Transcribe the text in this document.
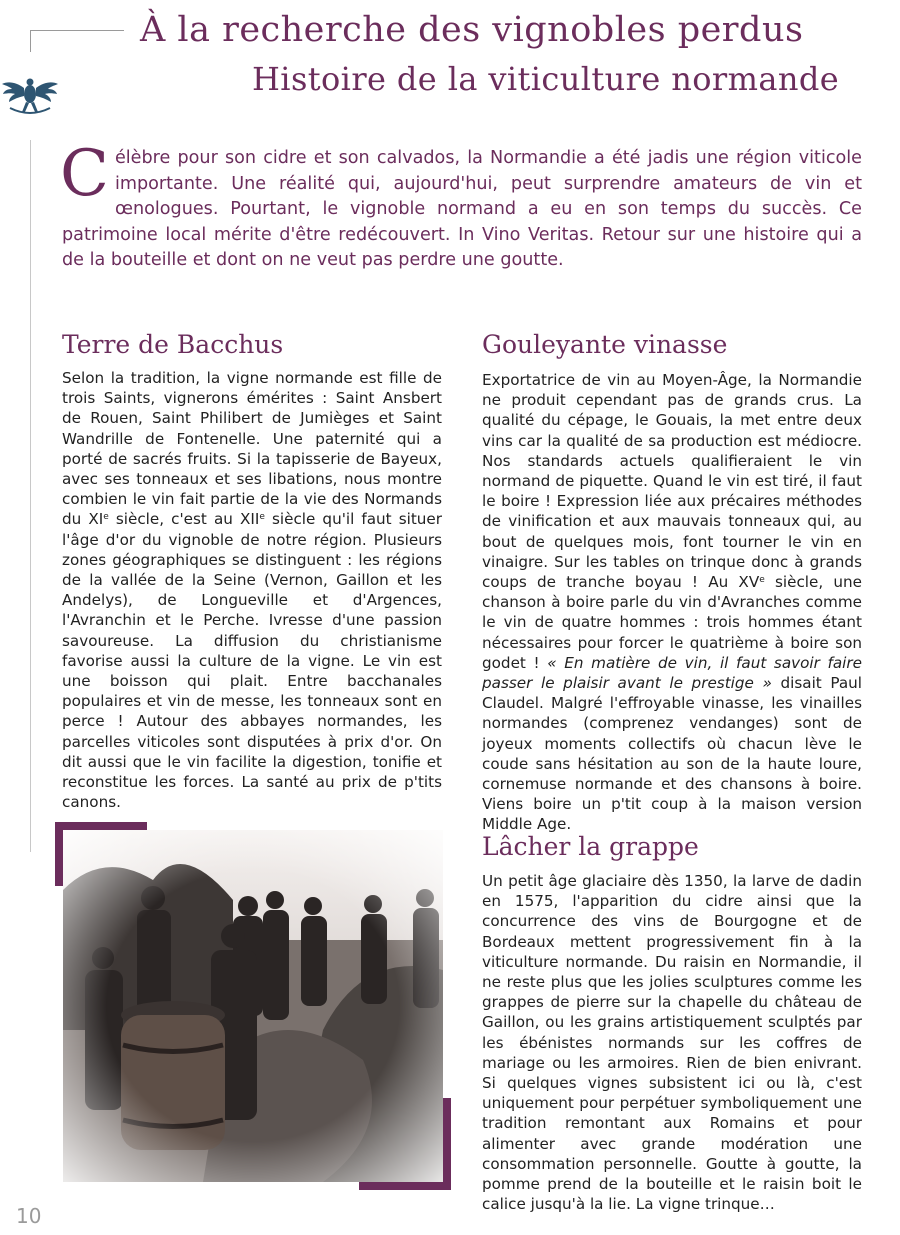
À la recherche des vignobles perdus
Histoire de la viticulture normande

Célèbre pour son cidre et son calvados, la Normandie a été jadis une région viticole importante. Une réalité qui, aujourd'hui, peut surprendre amateurs de vin et œnologues. Pourtant, le vignoble normand a eu en son temps du succès. Ce patrimoine local mérite d'être redécouvert. In Vino Veritas. Retour sur une histoire qui a de la bouteille et dont on ne veut pas perdre une goutte.

Terre de Bacchus

Selon la tradition, la vigne normande est fille de trois Saints, vignerons émérites : Saint Ansbert de Rouen, Saint Philibert de Jumièges et Saint Wandrille de Fontenelle. Une paternité qui a porté de sacrés fruits. Si la tapisserie de Bayeux, avec ses tonneaux et ses libations, nous montre combien le vin fait partie de la vie des Normands du XIe siècle, c'est au XIIe siècle qu'il faut situer l'âge d'or du vignoble de notre région. Plusieurs zones géographiques se distinguent : les régions de la vallée de la Seine (Vernon, Gaillon et les Andelys), de Longueville et d'Argences, l'Avranchin et le Perche. Ivresse d'une passion savoureuse. La diffusion du christianisme favorise aussi la culture de la vigne. Le vin est une boisson qui plait. Entre bacchanales populaires et vin de messe, les tonneaux sont en perce ! Autour des abbayes normandes, les parcelles viticoles sont disputées à prix d'or. On dit aussi que le vin facilite la digestion, tonifie et reconstitue les forces. La santé au prix de p'tits canons.

Gouleyante vinasse

Exportatrice de vin au Moyen-Âge, la Normandie ne produit cependant pas de grands crus. La qualité du cépage, le Gouais, la met entre deux vins car la qualité de sa production est médiocre. Nos standards actuels qualifieraient le vin normand de piquette. Quand le vin est tiré, il faut le boire ! Expression liée aux précaires méthodes de vinification et aux mauvais tonneaux qui, au bout de quelques mois, font tourner le vin en vinaigre. Sur les tables on trinque donc à grands coups de tranche boyau ! Au XVe siècle, une chanson à boire parle du vin d'Avranches comme le vin de quatre hommes : trois hommes étant nécessaires pour forcer le quatrième à boire son godet ! « En matière de vin, il faut savoir faire passer le plaisir avant le prestige » disait Paul Claudel. Malgré l'effroyable vinasse, les vinailles normandes (comprenez vendanges) sont de joyeux moments collectifs où chacun lève le coude sans hésitation au son de la haute loure, cornemuse normande et des chansons à boire. Viens boire un p'tit coup à la maison version Middle Age.

Lâcher la grappe

Un petit âge glaciaire dès 1350, la larve de dadin en 1575, l'apparition du cidre ainsi que la concurrence des vins de Bourgogne et de Bordeaux mettent progressivement fin à la viticulture normande. Du raisin en Normandie, il ne reste plus que les jolies sculptures comme les grappes de pierre sur la chapelle du château de Gaillon, ou les grains artistiquement sculptés par les ébénistes normands sur les coffres de mariage ou les armoires. Rien de bien enivrant. Si quelques vignes subsistent ici ou là, c'est uniquement pour perpétuer symboliquement une tradition remontant aux Romains et pour alimenter avec grande modération une consommation personnelle. Goutte à goutte, la pomme prend de la bouteille et le raisin boit le calice jusqu'à la lie. La vigne trinque…

10
